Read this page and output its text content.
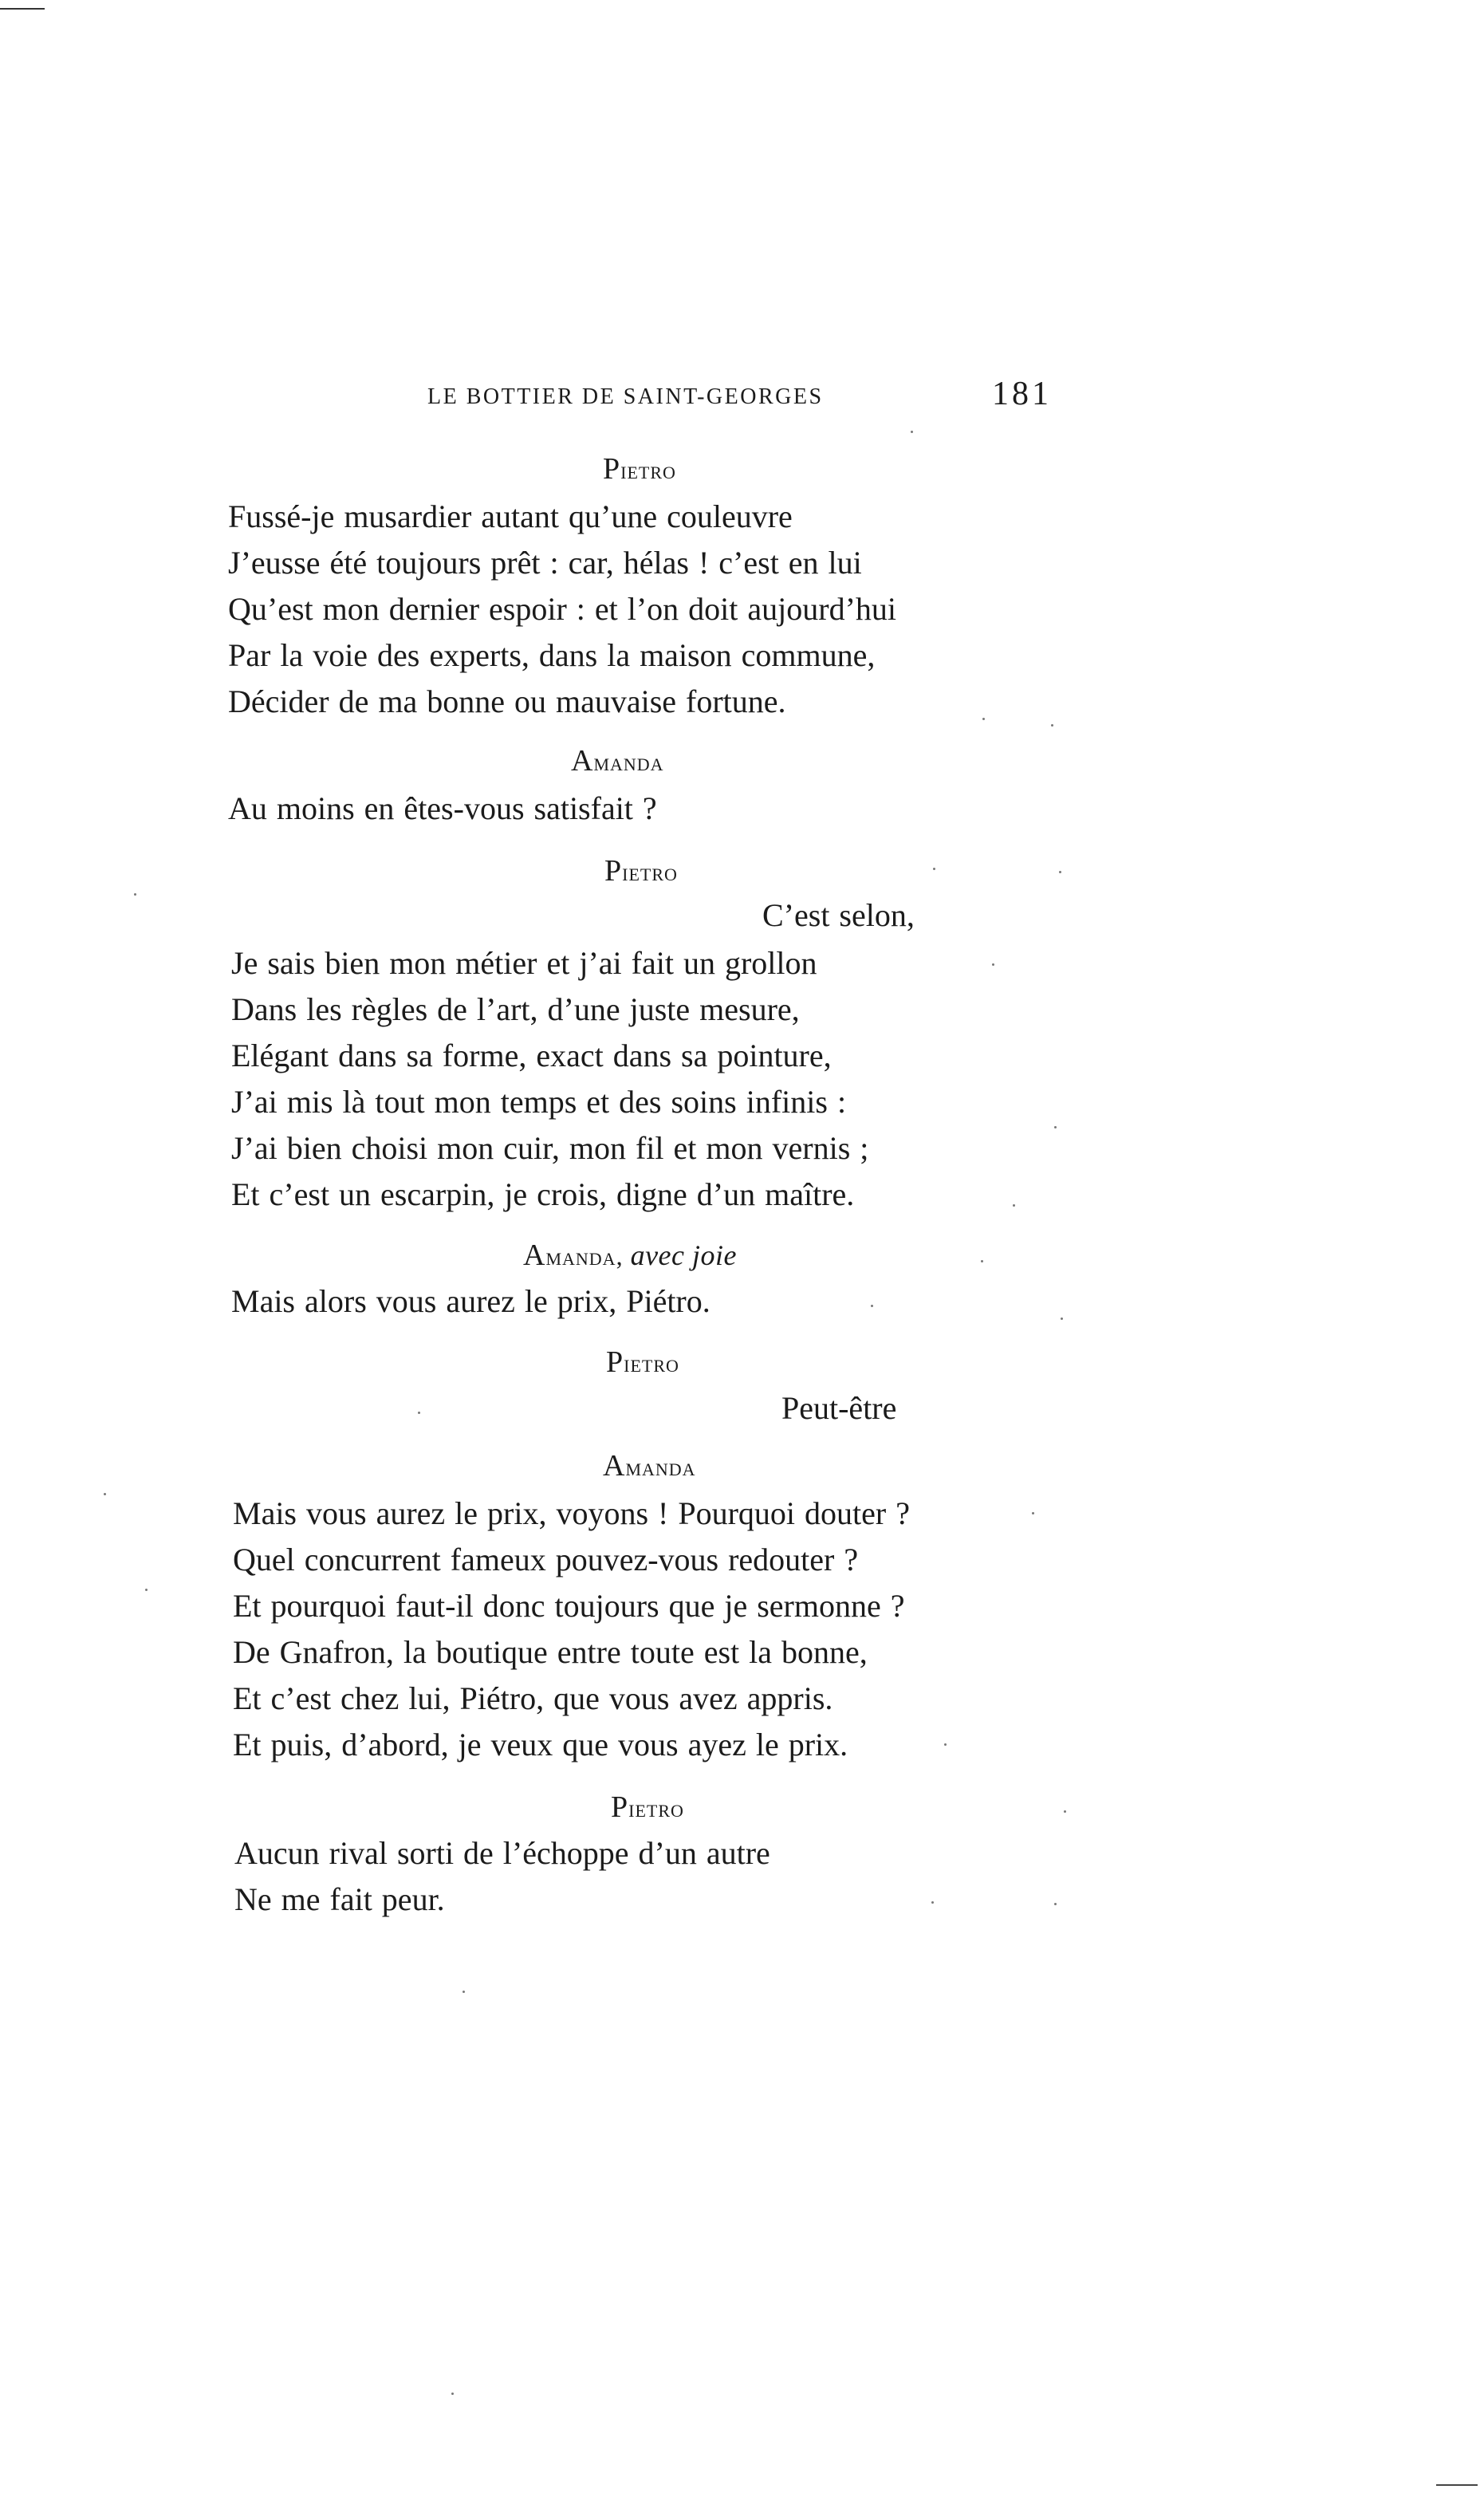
LE BOTTIER DE SAINT-GEORGES	181
Pietro
Fussé-je musardier autant qu’une couleuvre
J’eusse été toujours prêt : car, hélas ! c’est en lui
Qu’est mon dernier espoir : et l’on doit aujourd’hui
Par la voie des experts, dans la maison commune,
Décider de ma bonne ou mauvaise fortune.
Amanda
Au moins en êtes-vous satisfait ?
Pietro
C’est selon,
Je sais bien mon métier et j’ai fait un grollon
Dans les règles de l’art, d’une juste mesure,
Elégant dans sa forme, exact dans sa pointure,
J’ai mis là tout mon temps et des soins infinis :
J’ai bien choisi mon cuir, mon fil et mon vernis ;
Et c’est un escarpin, je crois, digne d’un maître.
Amanda, avec joie
Mais alors vous aurez le prix, Piétro.
Pietro
Peut-être
Amanda
Mais vous aurez le prix, voyons ! Pourquoi douter ?
Quel concurrent fameux pouvez-vous redouter ?
Et pourquoi faut-il donc toujours que je sermonne ?
De Gnafron, la boutique entre toute est la bonne,
Et c’est chez lui, Piétro, que vous avez appris.
Et puis, d’abord, je veux que vous ayez le prix.
Pietro
Aucun rival sorti de l’échoppe d’un autre
Ne me fait peur.
